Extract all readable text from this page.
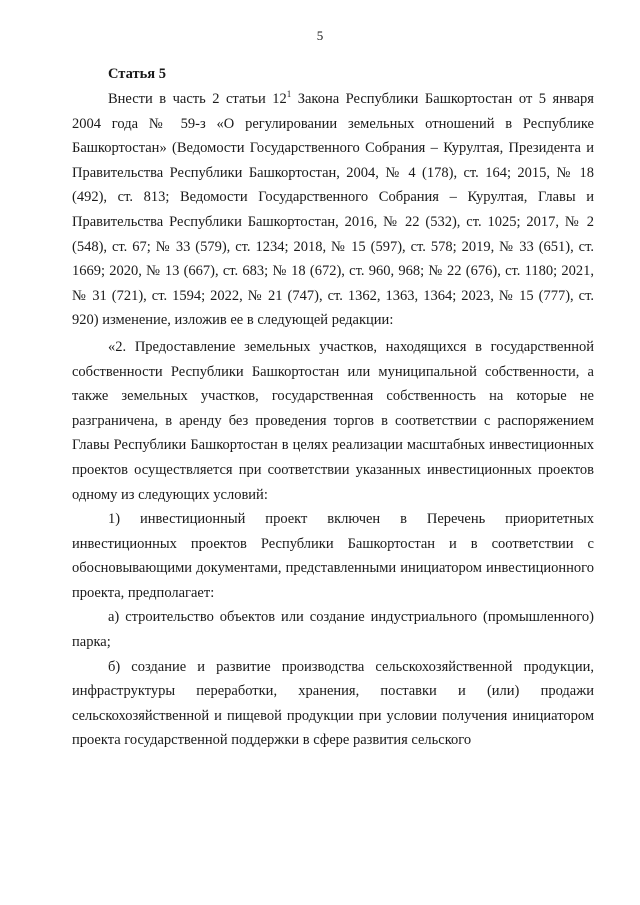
5
Статья 5

Внести в часть 2 статьи $12^1$ Закона Республики Башкортостан от 5 января 2004 года № 59-з «О регулировании земельных отношений в Республике Башкортостан» (Ведомости Государственного Собрания – Курултая, Президента и Правительства Республики Башкортостан, 2004, № 4 (178), ст. 164; 2015, № 18 (492), ст. 813; Ведомости Государственного Собрания – Курултая, Главы и Правительства Республики Башкортостан, 2016, № 22 (532), ст. 1025; 2017, № 2 (548), ст. 67; № 33 (579), ст. 1234; 2018, № 15 (597), ст. 578; 2019, № 33 (651), ст. 1669; 2020, № 13 (667), ст. 683; № 18 (672), ст. 960, 968; № 22 (676), ст. 1180; 2021, № 31 (721), ст. 1594; 2022, № 21 (747), ст. 1362, 1363, 1364; 2023, № 15 (777), ст. 920) изменение, изложив ее в следующей редакции:

«2. Предоставление земельных участков, находящихся в государственной собственности Республики Башкортостан или муниципальной собственности, а также земельных участков, государственная собственность на которые не разграничена, в аренду без проведения торгов в соответствии с распоряжением Главы Республики Башкортостан в целях реализации масштабных инвестиционных проектов осуществляется при соответствии указанных инвестиционных проектов одному из следующих условий:

1) инвестиционный проект включен в Перечень приоритетных инвестиционных проектов Республики Башкортостан и в соответствии с обосновывающими документами, представленными инициатором инвестиционного проекта, предполагает:

а) строительство объектов или создание индустриального (промышленного) парка;

б) создание и развитие производства сельскохозяйственной продукции, инфраструктуры переработки, хранения, поставки и (или) продажи сельскохозяйственной и пищевой продукции при условии получения инициатором проекта государственной поддержки в сфере развития сельского
